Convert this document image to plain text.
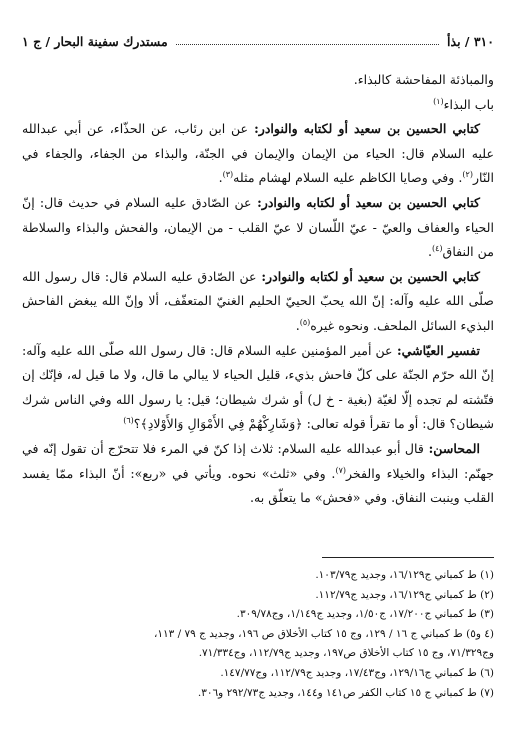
٣١٠ / بذأ
مستدرك سفينة البحار / ج ١

والمباذئة المفاحشة كالبذاء.

باب البذاء$^{(١)}$

كتابي الحسين بن سعيد أو لكتابه والنوادر: عن ابن رئاب، عن الحذّاء، عن أبي عبدالله عليه السلام قال: الحياء من الإيمان والإيمان في الجنّة، والبذاء من الجفاء، والجفاء في النّار$^{(٢)}$. وفي وصايا الكاظم عليه السلام لهشام مثله$^{(٣)}$.

كتابي الحسين بن سعيد أو لكتابه والنوادر: عن الصّادق عليه السلام في حديث قال: إنّ الحياء والعفاف والعيّ - عيّ اللّسان لا عيّ القلب - من الإيمان، والفحش والبذاء والسلاطة من النفاق$^{(٤)}$.

كتابي الحسين بن سعيد أو لكتابه والنوادر: عن الصّادق عليه السلام قال: قال رسول الله صلّى الله عليه وآله: إنّ الله يحبّ الحييّ الحليم الغنيّ المتعفّف، ألا وإنّ الله يبغض الفاحش البذيء السائل الملحف. ونحوه غيره$^{(٥)}$.

تفسير العيّاشي: عن أمير المؤمنين عليه السلام قال: قال رسول الله صلّى الله عليه وآله: إنّ الله حرّم الجنّة على كلّ فاحش بذيء، قليل الحياء لا يبالي ما قال، ولا ما قيل له، فإنّك إن فتّشته لم تجده إلّا لغيّة (بغية - خ ل) أو شرك شيطان؛ قيل: يا رسول الله وفي الناس شرك شيطان؟ قال: أو ما تقرأ قوله تعالى: ﴿وَشَارِكْهُمْ فِي الأَمْوَالِ وَالأَوْلادِ﴾؟$^{(٦)}$

المحاسن: قال أبو عبدالله عليه السلام: ثلاث إذا كنّ في المرء فلا تتحرّج أن تقول إنّه في جهنّم: البذاء والخيلاء والفخر$^{(٧)}$. وفي «ثلث» نحوه. ويأتي في «ربع»: أنّ البذاء ممّا يفسد القلب وينبت النفاق. وفي «فحش» ما يتعلّق به.

(١) ط كمباني ج١٦/١٢٩، وجديد ج١٠٣/٧٩.
(٢) ط كمباني ج١٦/١٢٩، وجديد ج١١٢/٧٩.
(٣) ط كمباني ج١٧/٢٠٠، ج١/٥٠، وجديد ج١/١٤٩، وج٣٠٩/٧٨.
(٤ و٥) ط كمباني ج ١٦ / ١٢٩، وج ١٥ كتاب الأخلاق ص ١٩٦، وجديد ج ٧٩ / ١١٣،
وج٧١/٣٢٩، وج ١٥ كتاب الأخلاق ص١٩٧، وجديد ج١١٢/٧٩، وج٧١/٣٣٤.
(٦) ط كمباني ج١٢٩/١٦، وج١٧/٤٣، وجديد ج١١٢/٧٩، وج١٤٧/٧٧.
(٧) ط كمباني ج ١٥ كتاب الكفر ص١٤١ و١٤٤، وجديد ج٢٩٢/٧٣ و٣٠٦.
